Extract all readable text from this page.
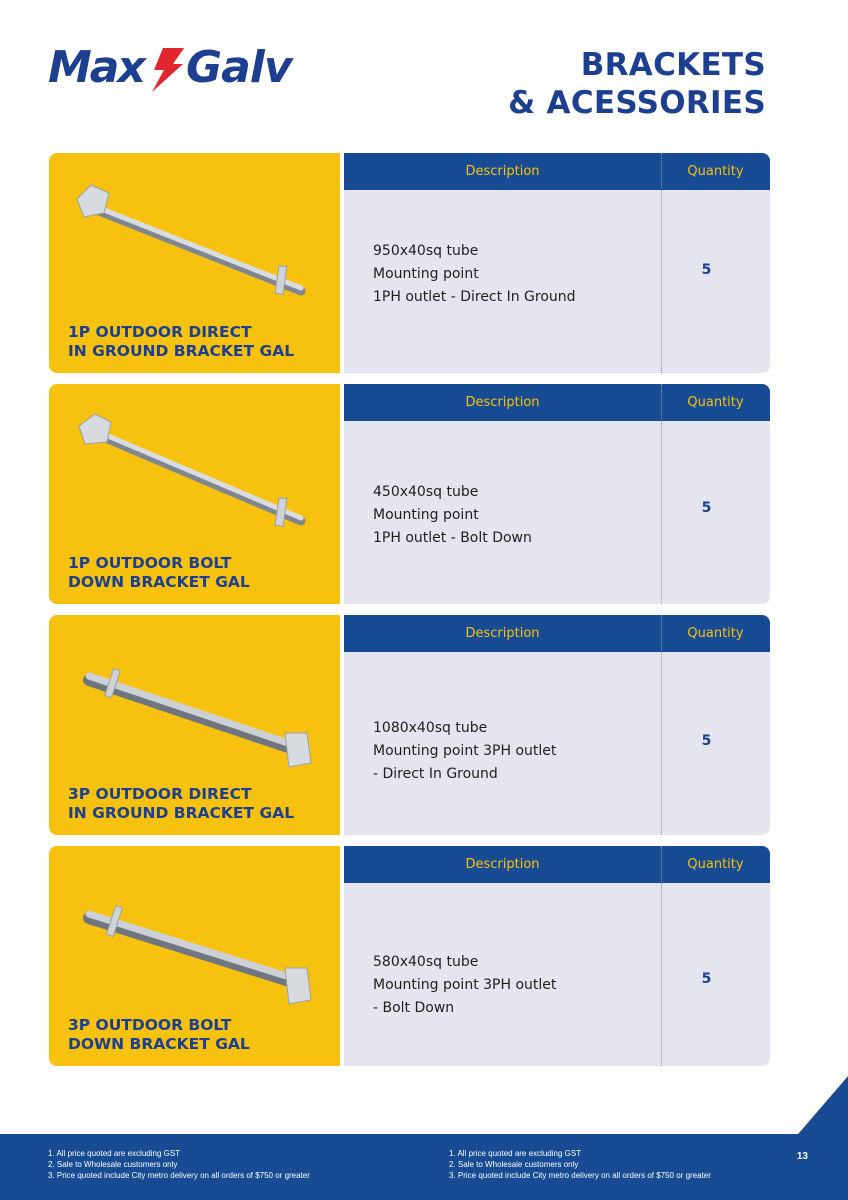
Max Galv	BRACKETS
& ACESSORIES
1P OUTDOOR DIRECT
IN GROUND BRACKET GAL
Description	Quantity
950x40sq tube
Mounting point
1PH outlet - Direct In Ground
5
1P OUTDOOR BOLT
DOWN BRACKET GAL
Description	Quantity
450x40sq tube
Mounting point
1PH outlet - Bolt Down
5
3P OUTDOOR DIRECT
IN GROUND BRACKET GAL
Description	Quantity
1080x40sq tube
Mounting point 3PH outlet
- Direct In Ground
5
3P OUTDOOR BOLT
DOWN BRACKET GAL
Description	Quantity
580x40sq tube
Mounting point 3PH outlet
- Bolt Down
5
1. All price quoted are excluding GST
2. Sale to Wholesale customers only
3. Price quoted include City metro delivery on all orders of $750 or greater
1. All price quoted are excluding GST
2. Sale to Wholesale customers only
3. Price quoted include City metro delivery on all orders of $750 or greater
13
